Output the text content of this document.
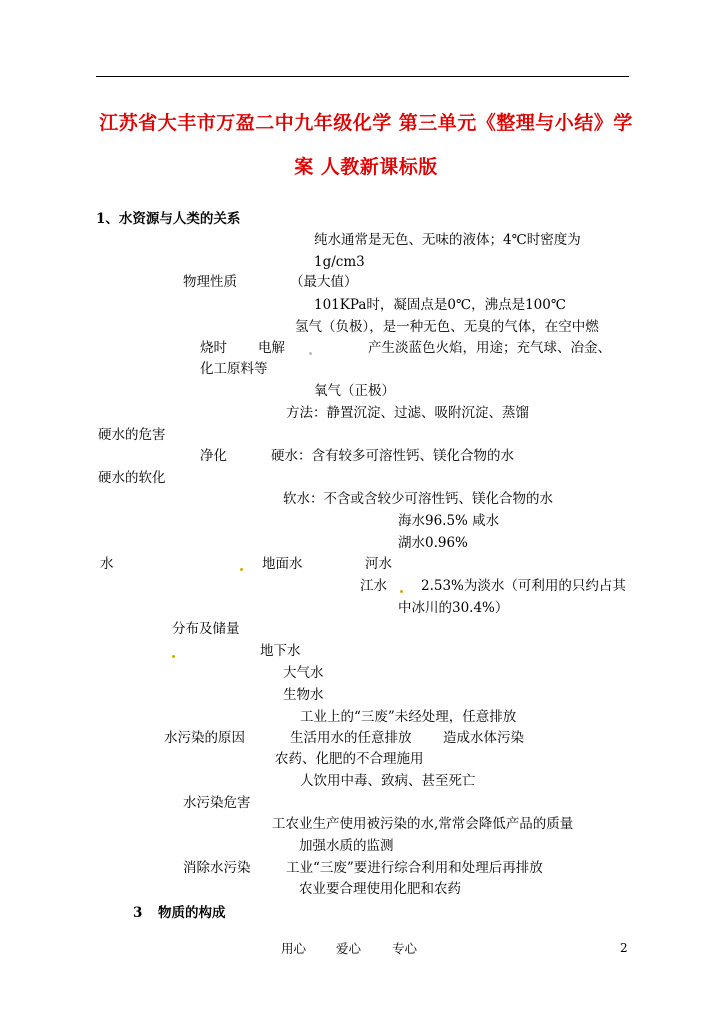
江苏省大丰市万盈二中九年级化学 第三单元《整理与小结》学
案 人教新课标版
1、水资源与人类的关系
纯水通常是无色、无味的液体；4℃时密度为
1g/cm3
物理性质	（最大值）
101KPa时，凝固点是0℃，沸点是100℃
氢气（负极），是一种无色、无臭的气体，在空中燃
烧时 电解	产生淡蓝色火焰，用途；充气球、冶金、
化工原料等
氧气（正极）
方法：静置沉淀、过滤、吸附沉淀、蒸馏
硬水的危害
净化	硬水：含有较多可溶性钙、镁化合物的水
硬水的软化
软水：不含或含较少可溶性钙、镁化合物的水
海水96.5% 咸水
湖水0.96%
水	地面水	河水
江水	2.53%为淡水（可利用的只约占其
中冰川的30.4%）
分布及储量
地下水
大气水
生物水
工业上的“三废”未经处理，任意排放
水污染的原因	生活用水的任意排放 造成水体污染
农药、化肥的不合理施用
人饮用中毒、致病、甚至死亡
水污染危害
工农业生产使用被污染的水,常常会降低产品的质量
加强水质的监测
消除水污染	工业“三废”要进行综合利用和处理后再排放
农业要合理使用化肥和农药
3 物质的构成
用心 爱心 专心	2
